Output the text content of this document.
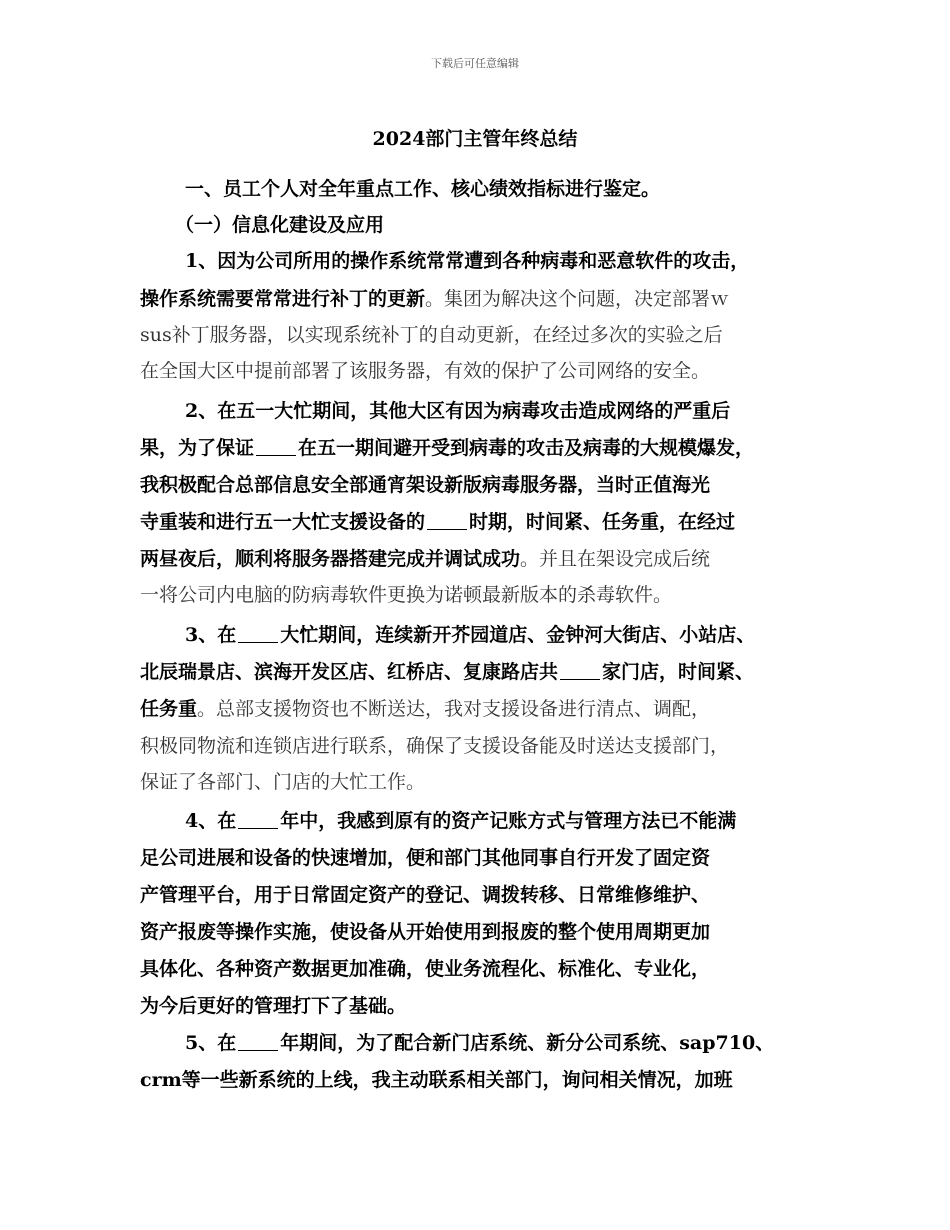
下载后可任意编辑
2024部门主管年终总结
一、员工个人对全年重点工作、核心绩效指标进行鉴定。
（一）信息化建设及应用
1、因为公司所用的操作系统常常遭到各种病毒和恶意软件的攻击，
操作系统需要常常进行补丁的更新。集团为解决这个问题，决定部署ｗ
sus补丁服务器，以实现系统补丁的自动更新，在经过多次的实验之后
在全国大区中提前部署了该服务器，有效的保护了公司网络的安全。
2、在五一大忙期间，其他大区有因为病毒攻击造成网络的严重后
果，为了保证 在五一期间避开受到病毒的攻击及病毒的大规模爆发，
我积极配合总部信息安全部通宵架设新版病毒服务器，当时正值海光
寺重装和进行五一大忙支援设备的 时期，时间紧、任务重，在经过
两昼夜后，顺利将服务器搭建完成并调试成功。并且在架设完成后统
一将公司内电脑的防病毒软件更换为诺顿最新版本的杀毒软件。
3、在 大忙期间，连续新开芥园道店、金钟河大街店、小站店、
北辰瑞景店、滨海开发区店、红桥店、复康路店共 家门店，时间紧、
任务重。总部支援物资也不断送达，我对支援设备进行清点、调配，
积极同物流和连锁店进行联系，确保了支援设备能及时送达支援部门，
保证了各部门、门店的大忙工作。
4、在 年中，我感到原有的资产记账方式与管理方法已不能满
足公司进展和设备的快速增加，便和部门其他同事自行开发了固定资
产管理平台，用于日常固定资产的登记、调拨转移、日常维修维护、
资产报废等操作实施，使设备从开始使用到报废的整个使用周期更加
具体化、各种资产数据更加准确，使业务流程化、标准化、专业化，
为今后更好的管理打下了基础。
5、在 年期间，为了配合新门店系统、新分公司系统、sap710、
crm等一些新系统的上线，我主动联系相关部门，询问相关情况，加班
